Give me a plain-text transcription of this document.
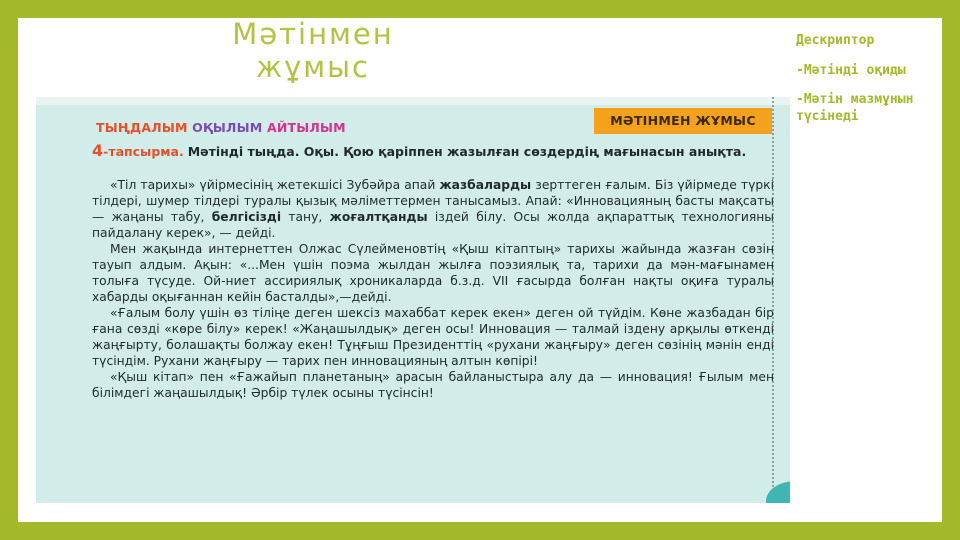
Мәтінмен жұмыс
Дескриптор
-Мәтінді оқиды
-Мәтін мазмұнын түсінеді
МӘТІНМЕН ЖҰМЫС
ТЫҢДАЛЫМ ОҚЫЛЫМ АЙТЫЛЫМ
4-тапсырма. Мәтінді тыңда. Оқы. Қою қаріппен жазылған сөздердің мағынасын анықта.

«Тіл тарихы» үйірмесінің жетекшісі Зубәйра апай жазбаларды зерттеген ғалым. Біз үйірмеде түркі тілдері, шумер тілдері туралы қызық мәліметтермен таныcамыз. Апай: «Инновацияның басты мақсаты — жаңаны табу, белгісізді тану, жоғалтқанды іздей білу. Осы жолда ақпараттық технологияны пайдалану керек», — дейді.

Мен жақында интернеттен Олжас Сүлейменовтің «Қыш кітаптың» тарихы жайында жазған сөзін тауып алдым. Ақын: «...Мен үшін поэма жылдан жылға поэзиялық та, тарихи да мән-мағынамен толыға түсуде. Ой-ниет ассириялық хроникаларда б.з.д. VII ғасырда болған нақты оқиға туралы хабарды оқығаннан кейін басталды»,—дейді.

«Ғалым болу үшін өз тіліңе деген шексіз махаббат керек екен» деген ой түйдім. Көне жазбадан бір ғана сөзді «көре білу» керек! «Жаңашылдық» деген осы! Инновация — талмай іздену арқылы өткенді жаңғырту, болашақты болжау екен! Тұңғыш Президенттің «рухани жаңғыру» деген сөзінің мәнін енді түсіндім. Рухани жаңғыру — тарих пен инновацияның алтын көпірі!

«Қыш кітап» пен «Ғажайып планетаның» арасын байланыстыра алу да — инновация! Ғылым мен білімдегі жаңашылдық! Әрбір түлек осыны түсінсін!
